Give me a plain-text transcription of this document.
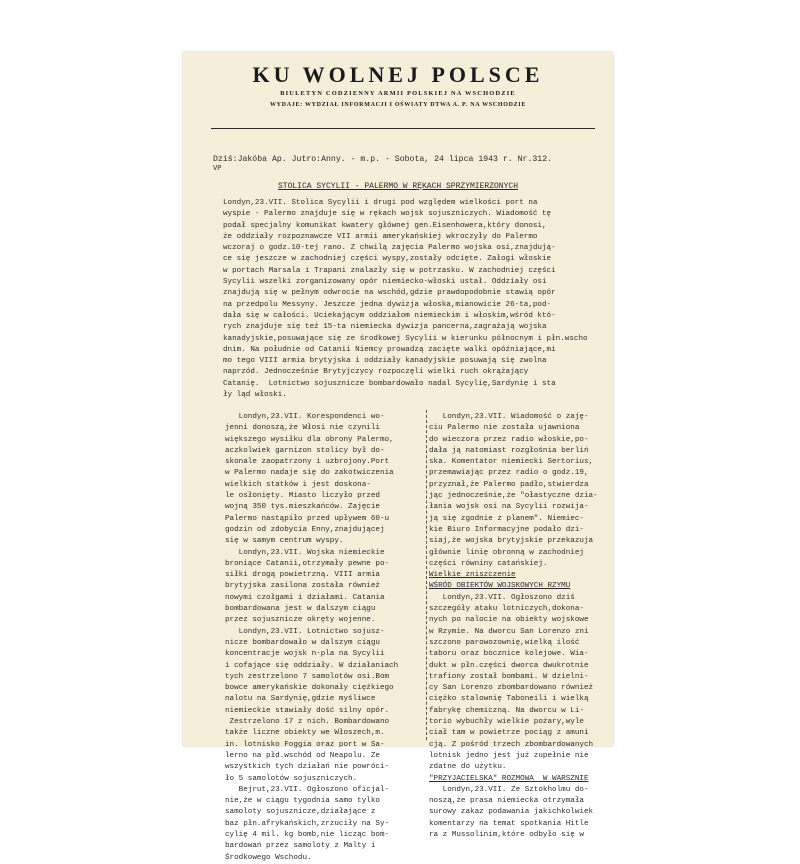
KU WOLNEJ POLSCE
BIULETYN CODZIENNY ARMII POLSKIEJ NA WSCHODZIE
WYDAJE: WYDZIAŁ INFORMACJI I OŚWIATY DTWA A. P. NA WSCHODZIE
Dziś:Jakóba Ap. Jutro:Anny. - m.p. - Sobota, 24 lipca 1943 r. Nr.312.
VP
STOLICA SYCYLII - PALERMO W RĘKACH SPRZYMIERZONYCH
Londyn,23.VII. Stolica Sycylii i drugi pod względem wielkości port na
wyspie - Palermo znajduje się w rękach wojsk sojuszniczych. Wiadomość tę
podał specjalny komunikat kwatery głównej gen.Eisenhowera,który donosi,
że oddziały rozpoznawcze VII armii amerykańskiej wkroczyły do Palermo
wczoraj o godz.10-tej rano. Z chwilą zajęcia Palermo wojska osi,znajdują-
ce się jeszcze w zachodniej części wyspy,zostały odcięte. Załogi włoskie
w portach Marsala i Trapani znalazły się w potrzasku. W zachodniej części
Sycylii wszelki zorganizowany opór niemiecko-włoski ustał. Oddziały osi
znajdują się w pełnym odwrocie na wschód,gdzie prawdopodobnie stawią opór
na przedpolu Messyny. Jeszcze jedna dywizja włoska,mianowicie 26-ta,pod-
dała się w całości. Uciekającym oddziałom niemieckim i włoskim,wśród któ-
rych znajduje się też 15-ta niemiecka dywizja pancerna,zagrażają wojska
kanadyjskie,posuwające się ze środkowej Sycylii w kierunku północnym i płn.wscho
dnim. Na południe od Catanii Niemcy prowadzą zacięte walki opóźniające,mi
mo tego VIII armia brytyjska i oddziały kanadyjskie posuwają się zwolna
naprzód. Jednocześnie Brytyjczycy rozpoczęli wielki ruch okrążający
Catanię.  Lotnictwo sojusznicze bombardowało nadal Sycylię,Sardynię i sta
ły ląd włoski.
Londyn,23.VII. Korespondenci wo-
jenni donoszą,że Włosi nie czynili
większego wysiłku dla obrony Palermo,
aczkolwiek garnizon stolicy był do-
skonale zaopatrzony i uzbrojony.Port
w Palermo nadaje się do zakotwiczenia
wielkich statków i jest doskona-
le osłonięty. Miasto liczyło przed
wojną 350 tys.mieszkańców. Zajęcie
Palermo nastąpiło przed upływem 60-u
godzin od zdobycia Enny,znajdującej
się w samym centrum wyspy.
Londyn,23.VII. Wojska niemieckie
broniące Catanii,otrzymały pewne po-
siłki drogą powietrzną. VIII armia
brytyjska zasilona została również
nowymi czołgami i działami. Catania
bombardowana jest w dalszym ciągu
przez sojusznicze okręty wojenne.
Londyn,23.VII. Lotnictwo sojusz-
nicze bombardowało w dalszym ciągu
koncentracje wojsk n-pla na Sycylii
i cofające się oddziały. W działaniach
tych zestrzelono 7 samolotów osi.Bom
bowce amerykańskie dokonały ciężkiego
nalotu na Sardynię,gdzie myśliwce
niemieckie stawiały dość silny opór.
Zestrzelono 17 z nich. Bombardowano
także liczne obiekty we Włoszech,m.
in. lotnisko Foggia oraz port w Sa-
lerno na płd.wschód od Neapolu. Ze
wszystkich tych działań nie powróci-
ło 5 samolotów sojuszniczych.
Bejrut,23.VII. Ogłoszono oficjal-
nie,że w ciągu tygodnia samo tylko
samoloty sojusznicze,działające z
baz płn.afrykańskich,zrzuciły na Sy-
cylię 4 mil. kg bomb,nie licząc bom-
bardowań przez samoloty z Malty i
Środkowego Wschodu.
Londyn,23.VII. Wiadomość o zaję-
ciu Palermo nie została ujawniona
do wieczora przez radio włoskie,po-
dała ją natomiast rozgłośnia berliń
ska. Komentator niemiecki Sertorius,
przemawiając przez radio o godz.19,
przyznał,że Palermo padło,stwierdza
jąc jednocześnie,że "ołastyczne dzia-
łania wojsk osi na Sycylii rozwija-
ją się zgodnie z planem". Niemiec-
kie Biuro Informacyjne podało dzi-
siaj,że wojska brytyjskie przekazuja
głównie linię obronną w zachodniej
części równiny catańskiej.
Wielkie zniszczenie
WŚRÓD OBIEKTÓW WOJSKOWYCH RZYMU
Londyn,23.VII. Ogłoszono dziś
szczegóły ataku lotniczych,dokona-
nych po nalocie na obiekty wojskowe
w Rzymie. Na dworcu San Lorenzo zni
szczono parowozownię,wielką ilość
taboru oraz bocznice kolejowe. Wia-
dukt w płn.części dworca dwukrotnie
trafiony został bombami. W dzielni-
cy San Lorenzo zbombardowano również
ciężko stalownię Taboneili i wielką
fabrykę chemiczną. Na dworcu w Li-
torio wybuchły wielkie pożary,wyle
ciał tam w powietrze pociąg z amuni
cją. Z pośród trzech zbombardowanych
lotnisk jedno jest już zupełnie nie
zdatne do użytku.
"PRZYJACIELSKA" ROZMOWA  W WARSZNIE
Londyn,23.VII. Ze Sztokholmu do-
noszą,że prasa niemiecka otrzymała
surowy zakaz podawania jakichkolwiek
komentarzy na temat spotkania Hitle
ra z Mussolinim,które odbyło się w
